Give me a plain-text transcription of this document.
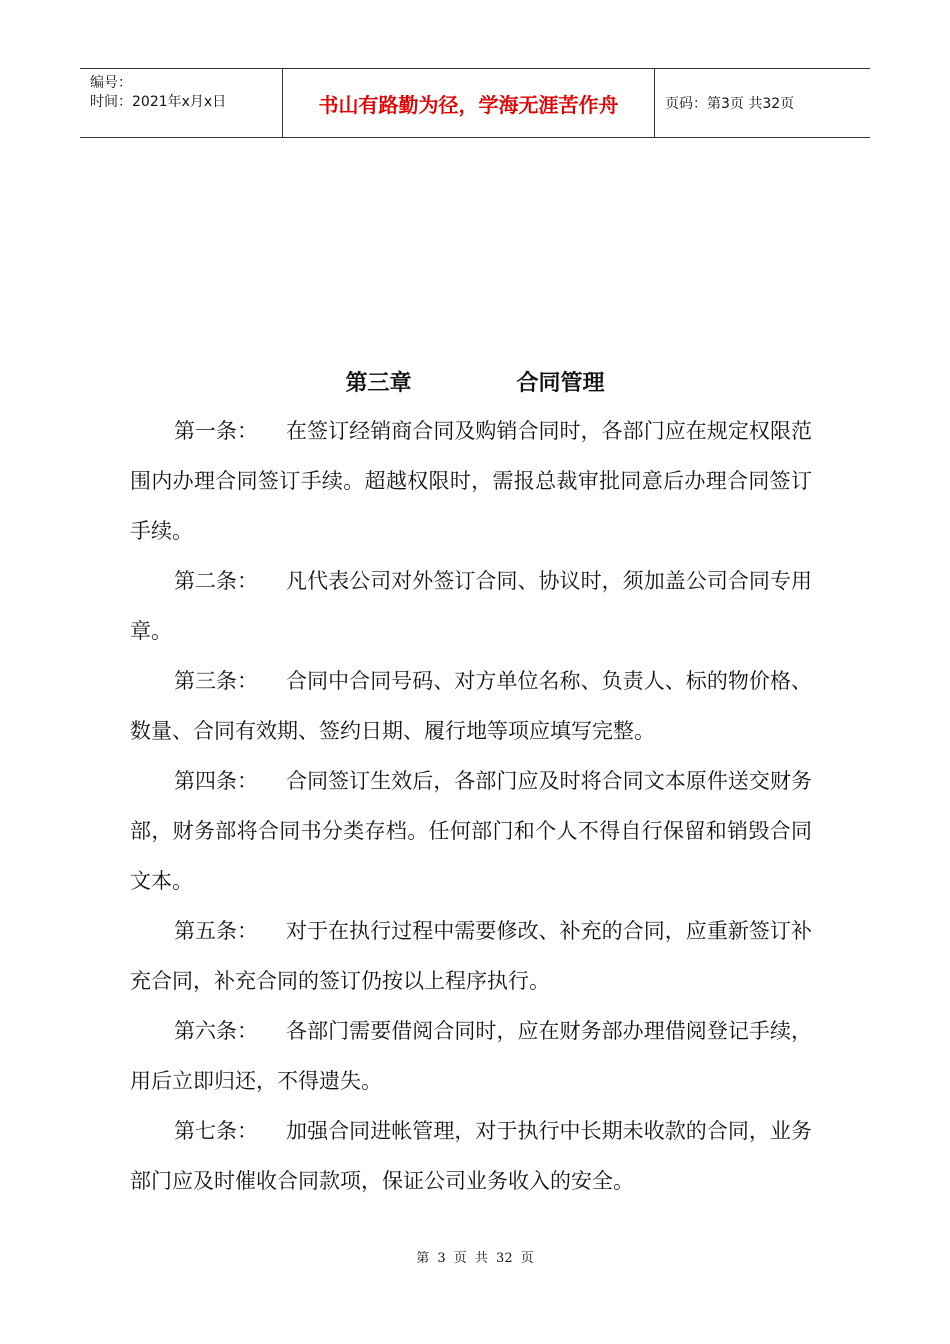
编号：
时间：2021年x月x日	书山有路勤为径，学海无涯苦作舟	页码：第3页 共32页
第三章	合同管理

第一条： 在签订经销商合同及购销合同时，各部门应在规定权限范围内办理合同签订手续。超越权限时，需报总裁审批同意后办理合同签订手续。

第二条： 凡代表公司对外签订合同、协议时，须加盖公司合同专用章。

第三条： 合同中合同号码、对方单位名称、负责人、标的物价格、数量、合同有效期、签约日期、履行地等项应填写完整。

第四条： 合同签订生效后，各部门应及时将合同文本原件送交财务部，财务部将合同书分类存档。任何部门和个人不得自行保留和销毁合同文本。

第五条： 对于在执行过程中需要修改、补充的合同，应重新签订补充合同，补充合同的签订仍按以上程序执行。

第六条： 各部门需要借阅合同时，应在财务部办理借阅登记手续，用后立即归还，不得遗失。

第七条： 加强合同进帐管理，对于执行中长期未收款的合同，业务部门应及时催收合同款项，保证公司业务收入的安全。

第 3 页 共 32 页
